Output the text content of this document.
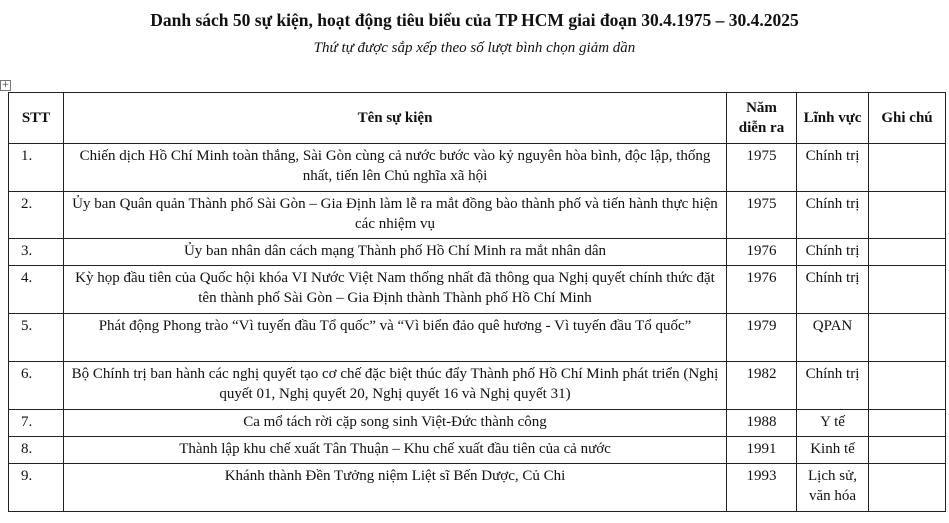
Danh sách 50 sự kiện, hoạt động tiêu biểu của TP HCM giai đoạn 30.4.1975 – 30.4.2025
Thứ tự được sắp xếp theo số lượt bình chọn giảm dần
+
STT	Tên sự kiện	Năm diễn ra	Lĩnh vực	Ghi chú
1.	Chiến dịch Hồ Chí Minh toàn thắng, Sài Gòn cùng cả nước bước vào kỷ nguyên hòa bình, độc lập, thống nhất, tiến lên Chủ nghĩa xã hội	1975	Chính trị	
2.	Ủy ban Quân quản Thành phố Sài Gòn – Gia Định làm lễ ra mắt đồng bào thành phố và tiến hành thực hiện các nhiệm vụ	1975	Chính trị	
3.	Ủy ban nhân dân cách mạng Thành phố Hồ Chí Minh ra mắt nhân dân	1976	Chính trị	
4.	Kỳ họp đầu tiên của Quốc hội khóa VI Nước Việt Nam thống nhất đã thông qua Nghị quyết chính thức đặt tên thành phố Sài Gòn – Gia Định thành Thành phố Hồ Chí Minh	1976	Chính trị	
5.	Phát động Phong trào “Vì tuyến đầu Tổ quốc” và “Vì biển đảo quê hương - Vì tuyến đầu Tổ quốc”	1979	QPAN	
6.	Bộ Chính trị ban hành các nghị quyết tạo cơ chế đặc biệt thúc đẩy Thành phố Hồ Chí Minh phát triển (Nghị quyết 01, Nghị quyết 20, Nghị quyết 16 và Nghị quyết 31)	1982	Chính trị	
7.	Ca mổ tách rời cặp song sinh Việt-Đức thành công	1988	Y tế	
8.	Thành lập khu chế xuất Tân Thuận – Khu chế xuất đầu tiên của cả nước	1991	Kinh tế	
9.	Khánh thành Đền Tưởng niệm Liệt sĩ Bến Dược, Củ Chi	1993	Lịch sử, văn hóa	
